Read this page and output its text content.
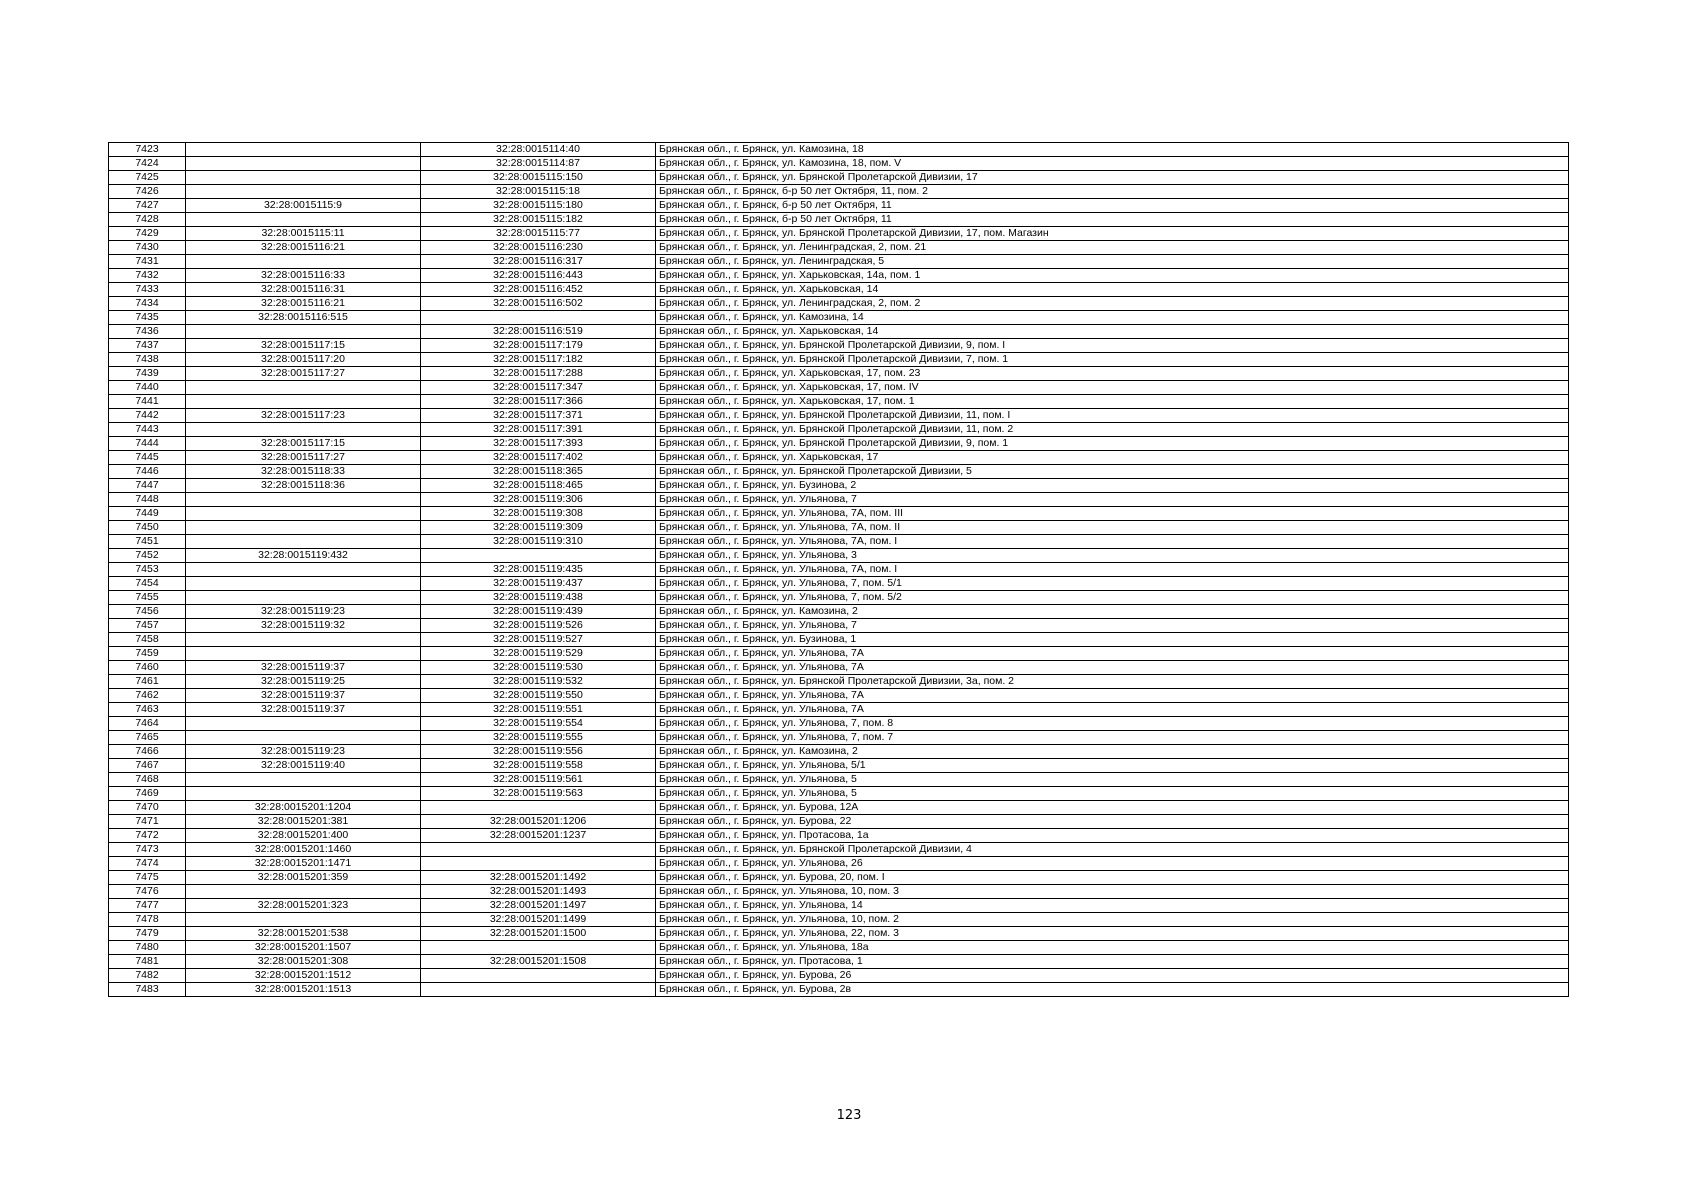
7423		32:28:0015114:40	Брянская обл., г. Брянск, ул. Камозина, 18
7424		32:28:0015114:87	Брянская обл., г. Брянск, ул. Камозина, 18, пом. V
7425		32:28:0015115:150	Брянская обл., г. Брянск, ул. Брянской Пролетарской Дивизии, 17
7426		32:28:0015115:18	Брянская обл., г. Брянск, б-р 50 лет Октября, 11, пом. 2
7427	32:28:0015115:9	32:28:0015115:180	Брянская обл., г. Брянск, б-р 50 лет Октября, 11
7428		32:28:0015115:182	Брянская обл., г. Брянск, б-р 50 лет Октября, 11
7429	32:28:0015115:11	32:28:0015115:77	Брянская обл., г. Брянск, ул. Брянской Пролетарской Дивизии, 17, пом. Магазин
7430	32:28:0015116:21	32:28:0015116:230	Брянская обл., г. Брянск, ул. Ленинградская, 2, пом. 21
7431		32:28:0015116:317	Брянская обл., г. Брянск, ул. Ленинградская, 5
7432	32:28:0015116:33	32:28:0015116:443	Брянская обл., г. Брянск, ул. Харьковская, 14а, пом. 1
7433	32:28:0015116:31	32:28:0015116:452	Брянская обл., г. Брянск, ул. Харьковская, 14
7434	32:28:0015116:21	32:28:0015116:502	Брянская обл., г. Брянск, ул. Ленинградская, 2, пом. 2
7435	32:28:0015116:515		Брянская обл., г. Брянск, ул. Камозина, 14
7436		32:28:0015116:519	Брянская обл., г. Брянск, ул. Харьковская, 14
7437	32:28:0015117:15	32:28:0015117:179	Брянская обл., г. Брянск, ул. Брянской Пролетарской Дивизии, 9, пом. I
7438	32:28:0015117:20	32:28:0015117:182	Брянская обл., г. Брянск, ул. Брянской Пролетарской Дивизии, 7, пом. 1
7439	32:28:0015117:27	32:28:0015117:288	Брянская обл., г. Брянск, ул. Харьковская, 17, пом. 23
7440		32:28:0015117:347	Брянская обл., г. Брянск, ул. Харьковская, 17, пом. IV
7441		32:28:0015117:366	Брянская обл., г. Брянск, ул. Харьковская, 17, пом. 1
7442	32:28:0015117:23	32:28:0015117:371	Брянская обл., г. Брянск, ул. Брянской Пролетарской Дивизии, 11, пом. I
7443		32:28:0015117:391	Брянская обл., г. Брянск, ул. Брянской Пролетарской Дивизии, 11, пом. 2
7444	32:28:0015117:15	32:28:0015117:393	Брянская обл., г. Брянск, ул. Брянской Пролетарской Дивизии, 9, пом. 1
7445	32:28:0015117:27	32:28:0015117:402	Брянская обл., г. Брянск, ул. Харьковская, 17
7446	32:28:0015118:33	32:28:0015118:365	Брянская обл., г. Брянск, ул. Брянской Пролетарской Дивизии, 5
7447	32:28:0015118:36	32:28:0015118:465	Брянская обл., г. Брянск, ул. Бузинова, 2
7448		32:28:0015119:306	Брянская обл., г. Брянск, ул. Ульянова, 7
7449		32:28:0015119:308	Брянская обл., г. Брянск, ул. Ульянова, 7А, пом. III
7450		32:28:0015119:309	Брянская обл., г. Брянск, ул. Ульянова, 7А, пом. II
7451		32:28:0015119:310	Брянская обл., г. Брянск, ул. Ульянова, 7А, пом. I
7452	32:28:0015119:432		Брянская обл., г. Брянск, ул. Ульянова, 3
7453		32:28:0015119:435	Брянская обл., г. Брянск, ул. Ульянова, 7А, пом. I
7454		32:28:0015119:437	Брянская обл., г. Брянск, ул. Ульянова, 7, пом. 5/1
7455		32:28:0015119:438	Брянская обл., г. Брянск, ул. Ульянова, 7, пом. 5/2
7456	32:28:0015119:23	32:28:0015119:439	Брянская обл., г. Брянск, ул. Камозина, 2
7457	32:28:0015119:32	32:28:0015119:526	Брянская обл., г. Брянск, ул. Ульянова, 7
7458		32:28:0015119:527	Брянская обл., г. Брянск, ул. Бузинова, 1
7459		32:28:0015119:529	Брянская обл., г. Брянск, ул. Ульянова, 7А
7460	32:28:0015119:37	32:28:0015119:530	Брянская обл., г. Брянск, ул. Ульянова, 7А
7461	32:28:0015119:25	32:28:0015119:532	Брянская обл., г. Брянск, ул. Брянской Пролетарской Дивизии, 3а, пом. 2
7462	32:28:0015119:37	32:28:0015119:550	Брянская обл., г. Брянск, ул. Ульянова, 7А
7463	32:28:0015119:37	32:28:0015119:551	Брянская обл., г. Брянск, ул. Ульянова, 7А
7464		32:28:0015119:554	Брянская обл., г. Брянск, ул. Ульянова, 7, пом. 8
7465		32:28:0015119:555	Брянская обл., г. Брянск, ул. Ульянова, 7, пом. 7
7466	32:28:0015119:23	32:28:0015119:556	Брянская обл., г. Брянск, ул. Камозина, 2
7467	32:28:0015119:40	32:28:0015119:558	Брянская обл., г. Брянск, ул. Ульянова, 5/1
7468		32:28:0015119:561	Брянская обл., г. Брянск, ул. Ульянова, 5
7469		32:28:0015119:563	Брянская обл., г. Брянск, ул. Ульянова, 5
7470	32:28:0015201:1204		Брянская обл., г. Брянск, ул. Бурова, 12А
7471	32:28:0015201:381	32:28:0015201:1206	Брянская обл., г. Брянск, ул. Бурова, 22
7472	32:28:0015201:400	32:28:0015201:1237	Брянская обл., г. Брянск, ул. Протасова, 1а
7473	32:28:0015201:1460		Брянская обл., г. Брянск, ул. Брянской Пролетарской Дивизии, 4
7474	32:28:0015201:1471		Брянская обл., г. Брянск, ул. Ульянова, 26
7475	32:28:0015201:359	32:28:0015201:1492	Брянская обл., г. Брянск, ул. Бурова, 20, пом. I
7476		32:28:0015201:1493	Брянская обл., г. Брянск, ул. Ульянова, 10, пом. 3
7477	32:28:0015201:323	32:28:0015201:1497	Брянская обл., г. Брянск, ул. Ульянова, 14
7478		32:28:0015201:1499	Брянская обл., г. Брянск, ул. Ульянова, 10, пом. 2
7479	32:28:0015201:538	32:28:0015201:1500	Брянская обл., г. Брянск, ул. Ульянова, 22, пом. 3
7480	32:28:0015201:1507		Брянская обл., г. Брянск, ул. Ульянова, 18а
7481	32:28:0015201:308	32:28:0015201:1508	Брянская обл., г. Брянск, ул. Протасова, 1
7482	32:28:0015201:1512		Брянская обл., г. Брянск, ул. Бурова, 26
7483	32:28:0015201:1513		Брянская обл., г. Брянск, ул. Бурова, 2в
123
